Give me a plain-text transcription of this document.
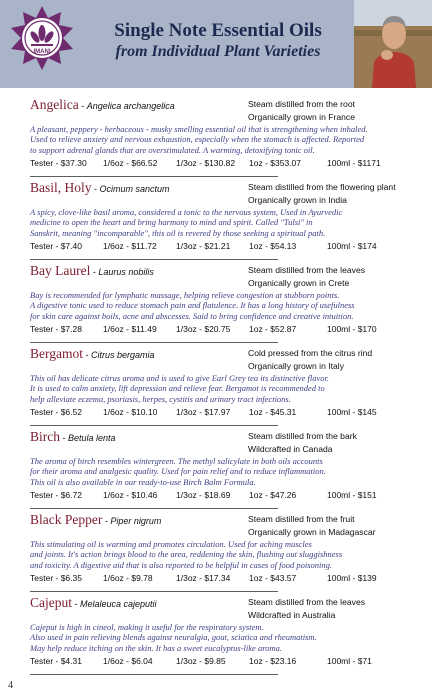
IMANI
Single Note Essential Oils
from Individual Plant Varieties
Angelica - Angelica archangelica	Steam distilled from the root
Organically grown in France
A pleasant, peppery - herbaceous - musky smelling essential oil that is strengthening when inhaled.
Used to relieve anxiety and nervous exhaustion, especially when the stomach is affected. Reported
to support adrenal glands that are overstimulated. A warming, detoxifying tonic oil.
Tester - $37.30 1/6oz - $66.52 1/3oz - $130.82 1oz - $353.07	100ml - $1171
Basil, Holy - Ocimum sanctum	Steam distilled from the flowering plant
Organically grown in India
A spicy, clove-like basil aroma, considered a tonic to the nervous system, Used in Ayurvedic
medicine to open the heart and bring harmony to mind and spirit. Called "Tulsi" in
Sanskrit, meaning "incomparable", this oil is revered by those seeking a spiritual path.
Tester - $7.40 1/6oz - $11.72 1/3oz - $21.21 1oz - $54.13	100ml - $174
Bay Laurel - Laurus nobilis	Steam distilled from the leaves
Organically grown in Crete
Bay is recommended for lymphatic massage, helping relieve congestion at stubborn points.
A digestive tonic used to reduce stomach pain and flatulence. It has a long history of usefulness
for skin care against boils, acne and abscesses. Said to bring confidence and creative intuition.
Tester - $7.28 1/6oz - $11.49 1/3oz - $20.75 1oz - $52.87	100ml - $170
Bergamot - Citrus bergamia	Cold pressed from the citrus rind
Organically grown in Italy
This oil has delicate citrus aroma and is used to give Earl Grey tea its distinctive flavor.
It is used to calm anxiety, lift depression and relieve fear. Bergamot is recommended to
help alleviate eczema, psoriasis, herpes, cystitis and urinary tract infections.
Tester - $6.52 1/6oz - $10.10 1/3oz - $17.97 1oz - $45.31	100ml - $145
Birch - Betula lenta	Steam distilled from the bark
Wildcrafted in Canada
The aroma of birch resembles wintergreen. The methyl salicylate in both oils accounts
for their aroma and analgesic quality. Used for pain relief and to reduce inflammation.
This oil is also available in our ready-to-use Birch Balm Formula.
Tester - $6.72 1/6oz - $10.46 1/3oz - $18.69 1oz - $47.26	100ml - $151
Black Pepper - Piper nigrum	Steam distilled from the fruit
Organically grown in Madagascar
This stimulating oil is warming and promotes circulation. Used for aching muscles
and joints. It's action brings blood to the area, reddening the skin, flushing out sluggishness
and toxicity. A digestive aid that is also reported to be helpful in cases of food poisoning.
Tester - $6.35 1/6oz - $9.78	1/3oz - $17.34 1oz - $43.57	100ml - $139
Cajeput - Melaleuca cajeputii	Steam distilled from the leaves
Wildcrafted in Australia
Cajeput is high in cineol, making it useful for the respiratory system.
Also used in pain relieving blends against neuralgia, gout, sciatica and rheumatism.
May help reduce itching on the skin. It has a sweet eucalyptus-like aroma.
Tester - $4.31 1/6oz - $6.04	1/3oz - $9.85	1oz - $23.16	100ml - $71
4
